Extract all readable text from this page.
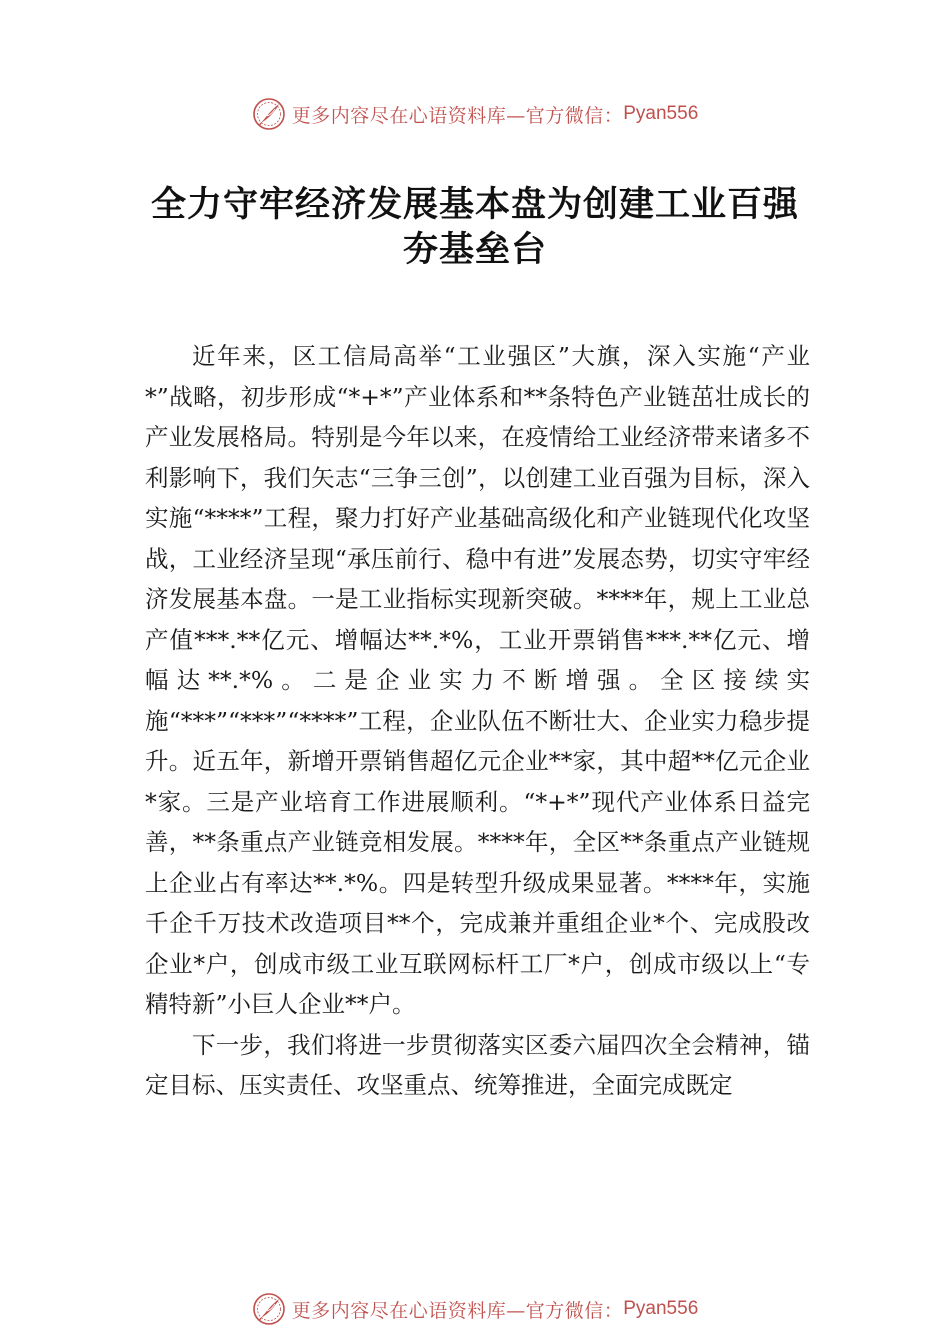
更多内容尽在心语资料库—官方微信： Pyan556
全力守牢经济发展基本盘为创建工业百强
夯基垒台

近年来，区工信局高举“工业强区”大旗，深入实施“产业*”战略，初步形成“*+*”产业体系和**条特色产业链茁壮成长的产业发展格局。特别是今年以来，在疫情给工业经济带来诸多不利影响下，我们矢志“三争三创”，以创建工业百强为目标，深入实施“****”工程，聚力打好产业基础高级化和产业链现代化攻坚战，工业经济呈现“承压前行、稳中有进”发展态势，切实守牢经济发展基本盘。一是工业指标实现新突破。****年，规上工业总产值***.**亿元、增幅达**.*%，工业开票销售***.**亿元、增幅达**.*%。二是企业实力不断增强。全区接续实施“***”“***”“****”工程，企业队伍不断壮大、企业实力稳步提升。近五年，新增开票销售超亿元企业**家，其中超**亿元企业*家。三是产业培育工作进展顺利。“*+*”现代产业体系日益完善，**条重点产业链竞相发展。****年，全区**条重点产业链规上企业占有率达**.*%。四是转型升级成果显著。****年，实施千企千万技术改造项目**个，完成兼并重组企业*个、完成股改企业*户，创成市级工业互联网标杆工厂*户，创成市级以上“专精特新”小巨人企业**户。

下一步，我们将进一步贯彻落实区委六届四次全会精神，锚定目标、压实责任、攻坚重点、统筹推进，全面完成既定

更多内容尽在心语资料库—官方微信： Pyan556
